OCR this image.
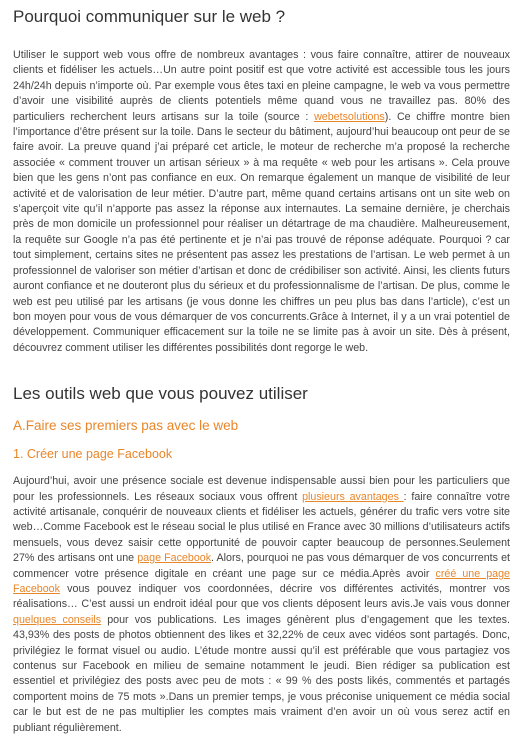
Pourquoi communiquer sur le web ?

Utiliser le support web vous offre de nombreux avantages : vous faire connaître, attirer de nouveaux clients et fidéliser les actuels…Un autre point positif est que votre activité est accessible tous les jours 24h/24h depuis n’importe où. Par exemple vous êtes taxi en pleine campagne, le web va vous permettre d’avoir une visibilité auprès de clients potentiels même quand vous ne travaillez pas. 80% des particuliers recherchent leurs artisans sur la toile (source : webetsolutions). Ce chiffre montre bien l’importance d’être présent sur la toile. Dans le secteur du bâtiment, aujourd’hui beaucoup ont peur de se faire avoir. La preuve quand j’ai préparé cet article, le moteur de recherche m’a proposé la recherche associée « comment trouver un artisan sérieux » à ma requête « web pour les artisans ». Cela prouve bien que les gens n’ont pas confiance en eux. On remarque également un manque de visibilité de leur activité et de valorisation de leur métier. D’autre part, même quand certains artisans ont un site web on s’aperçoit vite qu’il n’apporte pas assez la réponse aux internautes. La semaine dernière, je cherchais près de mon domicile un professionnel pour réaliser un détartrage de ma chaudière. Malheureusement, la requête sur Google n’a pas été pertinente et je n’ai pas trouvé de réponse adéquate. Pourquoi ? car tout simplement, certains sites ne présentent pas assez les prestations de l’artisan. Le web permet à un professionnel de valoriser son métier d’artisan et donc de crédibiliser son activité. Ainsi, les clients futurs auront confiance et ne douteront plus du sérieux et du professionnalisme de l’artisan. De plus, comme le web est peu utilisé par les artisans (je vous donne les chiffres un peu plus bas dans l’article), c’est un bon moyen pour vous de vous démarquer de vos concurrents.Grâce à Internet, il y a un vrai potentiel de développement. Communiquer efficacement sur la toile ne se limite pas à avoir un site. Dès à présent, découvrez comment utiliser les différentes possibilités dont regorge le web.

Les outils web que vous pouvez utiliser
A.Faire ses premiers pas avec le web
1. Créer une page Facebook

Aujourd’hui, avoir une présence sociale est devenue indispensable aussi bien pour les particuliers que pour les professionnels. Les réseaux sociaux vous offrent plusieurs avantages : faire connaître votre activité artisanale, conquérir de nouveaux clients et fidéliser les actuels, générer du trafic vers votre site web…Comme Facebook est le réseau social le plus utilisé en France avec 30 millions d’utilisateurs actifs mensuels, vous devez saisir cette opportunité de pouvoir capter beaucoup de personnes.Seulement 27% des artisans ont une page Facebook. Alors, pourquoi ne pas vous démarquer de vos concurrents et commencer votre présence digitale en créant une page sur ce média.Après avoir créé une page Facebook vous pouvez indiquer vos coordonnées, décrire vos différentes activités, montrer vos réalisations… C’est aussi un endroit idéal pour que vos clients déposent leurs avis.Je vais vous donner quelques conseils pour vos publications. Les images génèrent plus d’engagement que les textes. 43,93% des posts de photos obtiennent des likes et 32,22% de ceux avec vidéos sont partagés. Donc, privilégiez le format visuel ou audio. L’étude montre aussi qu’il est préférable que vous partagiez vos contenus sur Facebook en milieu de semaine notamment le jeudi. Bien rédiger sa publication est essentiel et privilégiez des posts avec peu de mots : « 99 % des posts likés, commentés et partagés comportent moins de 75 mots ».Dans un premier temps, je vous préconise uniquement ce média social car le but est de ne pas multiplier les comptes mais vraiment d’en avoir un où vous serez actif en publiant régulièrement.
